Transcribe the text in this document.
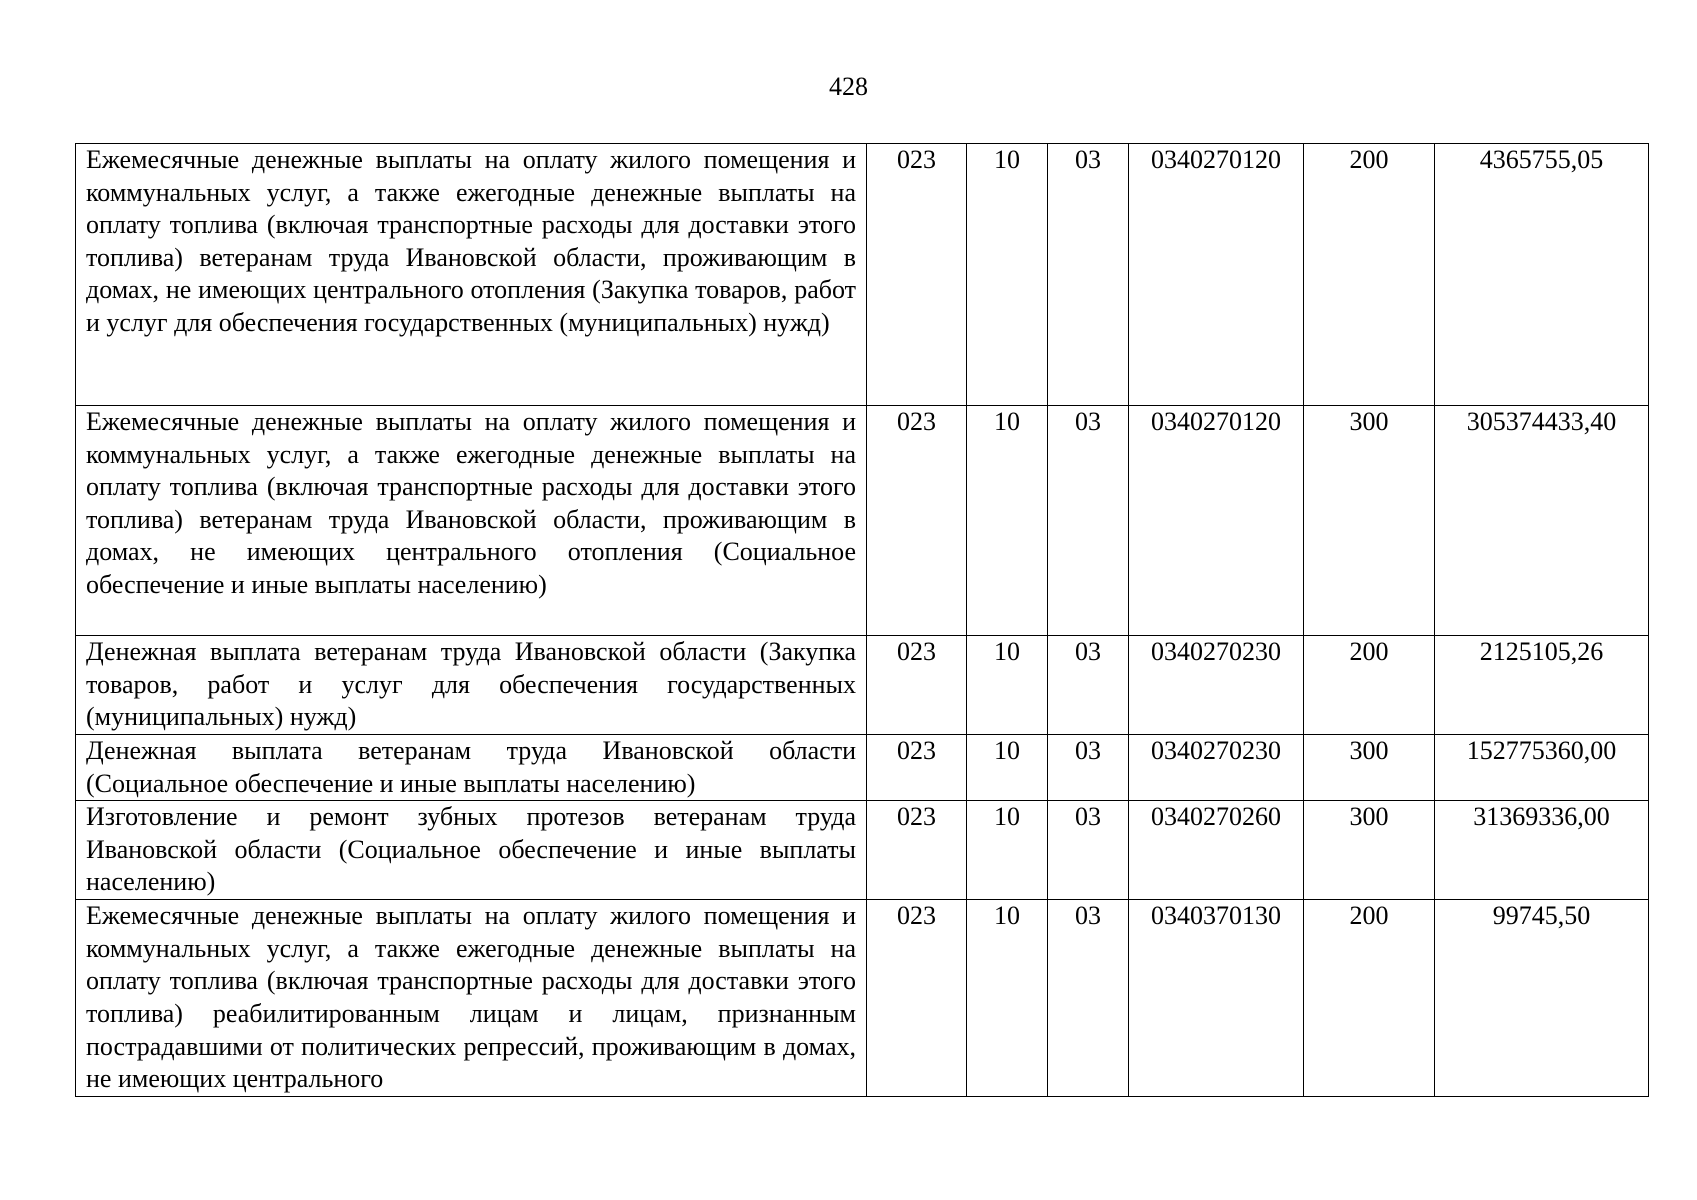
428
Ежемесячные денежные выплаты на оплату жилого помещения и коммунальных услуг, а также ежегодные денежные выплаты на оплату топлива (включая транспортные расходы для доставки этого топлива) ветеранам труда Ивановской области, проживающим в домах, не имеющих центрального отопления (Закупка товаров, работ и услуг для обеспечения государственных (муниципальных) нужд)	023	10	03	0340270120	200	4365755,05
Ежемесячные денежные выплаты на оплату жилого помещения и коммунальных услуг, а также ежегодные денежные выплаты на оплату топлива (включая транспортные расходы для доставки этого топлива) ветеранам труда Ивановской области, проживающим в домах, не имеющих центрального отопления (Социальное обеспечение и иные выплаты населению)	023	10	03	0340270120	300	305374433,40
Денежная выплата ветеранам труда Ивановской области (Закупка товаров, работ и услуг для обеспечения государственных (муниципальных) нужд)	023	10	03	0340270230	200	2125105,26
Денежная выплата ветеранам труда Ивановской области (Социальное обеспечение и иные выплаты населению)	023	10	03	0340270230	300	152775360,00
Изготовление и ремонт зубных протезов ветеранам труда Ивановской области (Социальное обеспечение и иные выплаты населению)	023	10	03	0340270260	300	31369336,00
Ежемесячные денежные выплаты на оплату жилого помещения и коммунальных услуг, а также ежегодные денежные выплаты на оплату топлива (включая транспортные расходы для доставки этого топлива) реабилитированным лицам и лицам, признанным пострадавшими от политических репрессий, проживающим в домах, не имеющих центрального	023	10	03	0340370130	200	99745,50
